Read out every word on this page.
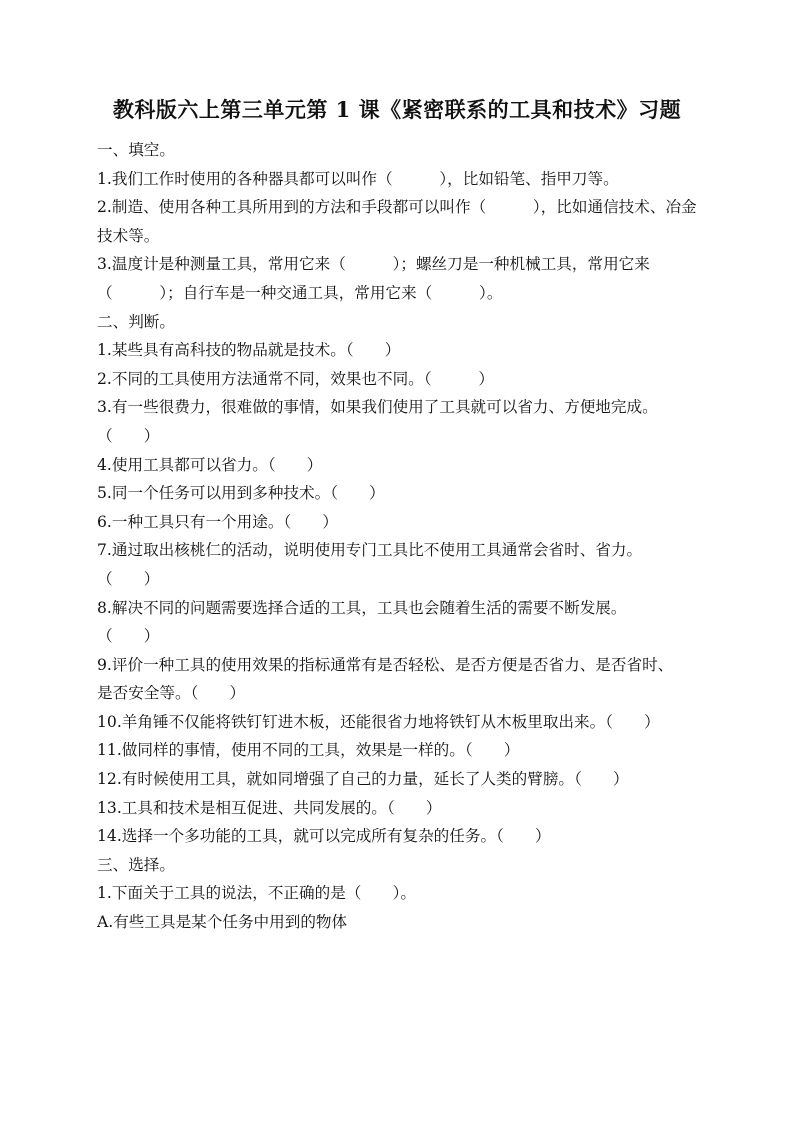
教科版六上第三单元第 1 课《紧密联系的工具和技术》习题
一、填空。
1.我们工作时使用的各种器具都可以叫作（　　　），比如铅笔、指甲刀等。
2.制造、使用各种工具所用到的方法和手段都可以叫作（　　　），比如通信技术、冶金
技术等。
3.温度计是种测量工具，常用它来（　　　）；螺丝刀是一种机械工具，常用它来
（　　　）；自行车是一种交通工具，常用它来（　　　）。
二、判断。
1.某些具有高科技的物品就是技术。（　　）
2.不同的工具使用方法通常不同，效果也不同。（　　　）
3.有一些很费力，很难做的事情，如果我们使用了工具就可以省力、方便地完成。
（　　）
4.使用工具都可以省力。（　　）
5.同一个任务可以用到多种技术。（　　）
6.一种工具只有一个用途。（　　）
7.通过取出核桃仁的活动，说明使用专门工具比不使用工具通常会省时、省力。
（　　）
8.解决不同的问题需要选择合适的工具，工具也会随着生活的需要不断发展。
（　　）
9.评价一种工具的使用效果的指标通常有是否轻松、是否方便是否省力、是否省时、
是否安全等。（　　）
10.羊角锤不仅能将铁钉钉进木板，还能很省力地将铁钉从木板里取出来。（　　）
11.做同样的事情，使用不同的工具，效果是一样的。（　　）
12.有时候使用工具，就如同增强了自己的力量，延长了人类的臂膀。（　　）
13.工具和技术是相互促进、共同发展的。（　　）
14.选择一个多功能的工具，就可以完成所有复杂的任务。（　　）
三、选择。
1.下面关于工具的说法，不正确的是（　　）。
A.有些工具是某个任务中用到的物体
